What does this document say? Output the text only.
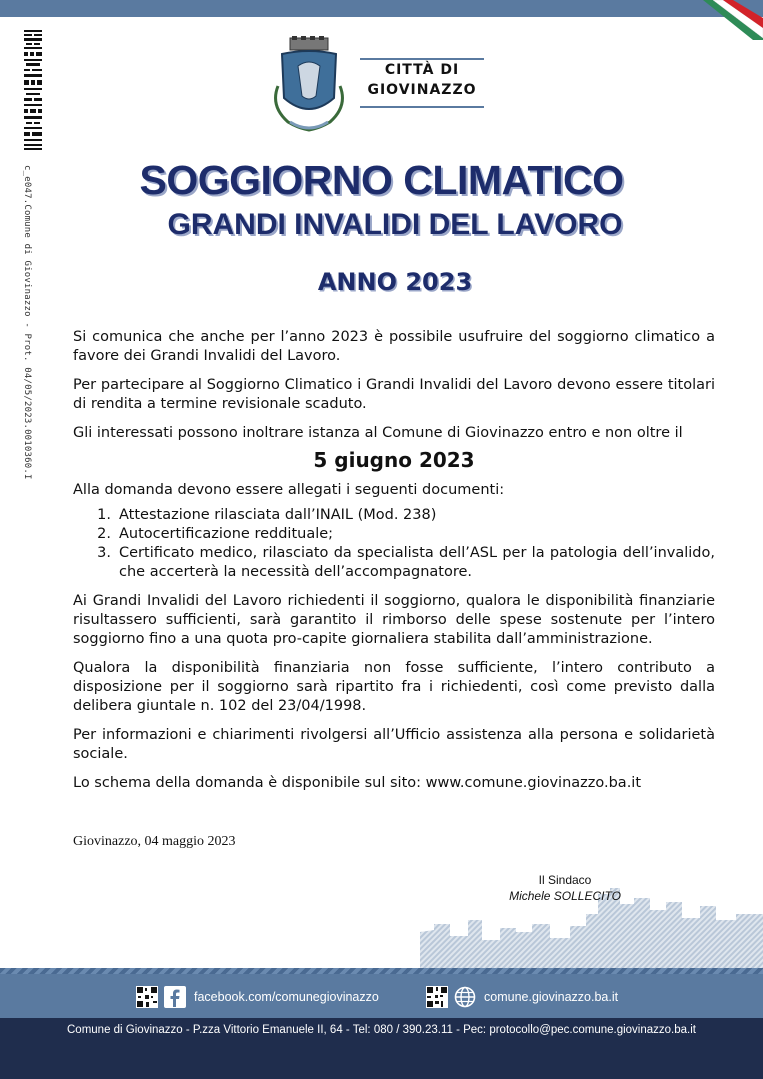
c_e047.Comune di Giovinazzo - Prot. 04/05/2023.0010360.I
CITTÀ DI
GIOVINAZZO
SOGGIORNO CLIMATICO
GRANDI INVALIDI DEL LAVORO
ANNO 2023

Si comunica che anche per l’anno 2023 è possibile usufruire del soggiorno climatico a favore dei Grandi Invalidi del Lavoro.

Per partecipare al Soggiorno Climatico i Grandi Invalidi del Lavoro devono essere titolari di rendita a termine revisionale scaduto.

Gli interessati possono inoltrare istanza al Comune di Giovinazzo entro e non oltre il

5 giugno 2023

Alla domanda devono essere allegati i seguenti documenti:

1. Attestazione rilasciata dall’INAIL (Mod. 238)
2. Autocertificazione reddituale;
3. Certificato medico, rilasciato da specialista dell’ASL per la patologia dell’invalido, che accerterà la necessità dell’accompagnatore.

Ai Grandi Invalidi del Lavoro richiedenti il soggiorno, qualora le disponibilità finanziarie risultassero sufficienti, sarà garantito il rimborso delle spese sostenute per l’intero soggiorno fino a una quota pro-capite giornaliera stabilita dall’amministrazione.

Qualora la disponibilità finanziaria non fosse sufficiente, l’intero contributo a disposizione per il soggiorno sarà ripartito fra i richiedenti, così come previsto dalla delibera giuntale n. 102 del 23/04/1998.

Per informazioni e chiarimenti rivolgersi all’Ufficio assistenza alla persona e solidarietà sociale.

Lo schema della domanda è disponibile sul sito: www.comune.giovinazzo.ba.it

Giovinazzo, 04 maggio 2023
Il Sindaco
Michele SOLLECITO
facebook.com/comunegiovinazzo	comune.giovinazzo.ba.it
Comune di Giovinazzo - P.zza Vittorio Emanuele II, 64 - Tel: 080 / 390.23.11 - Pec: protocollo@pec.comune.giovinazzo.ba.it
